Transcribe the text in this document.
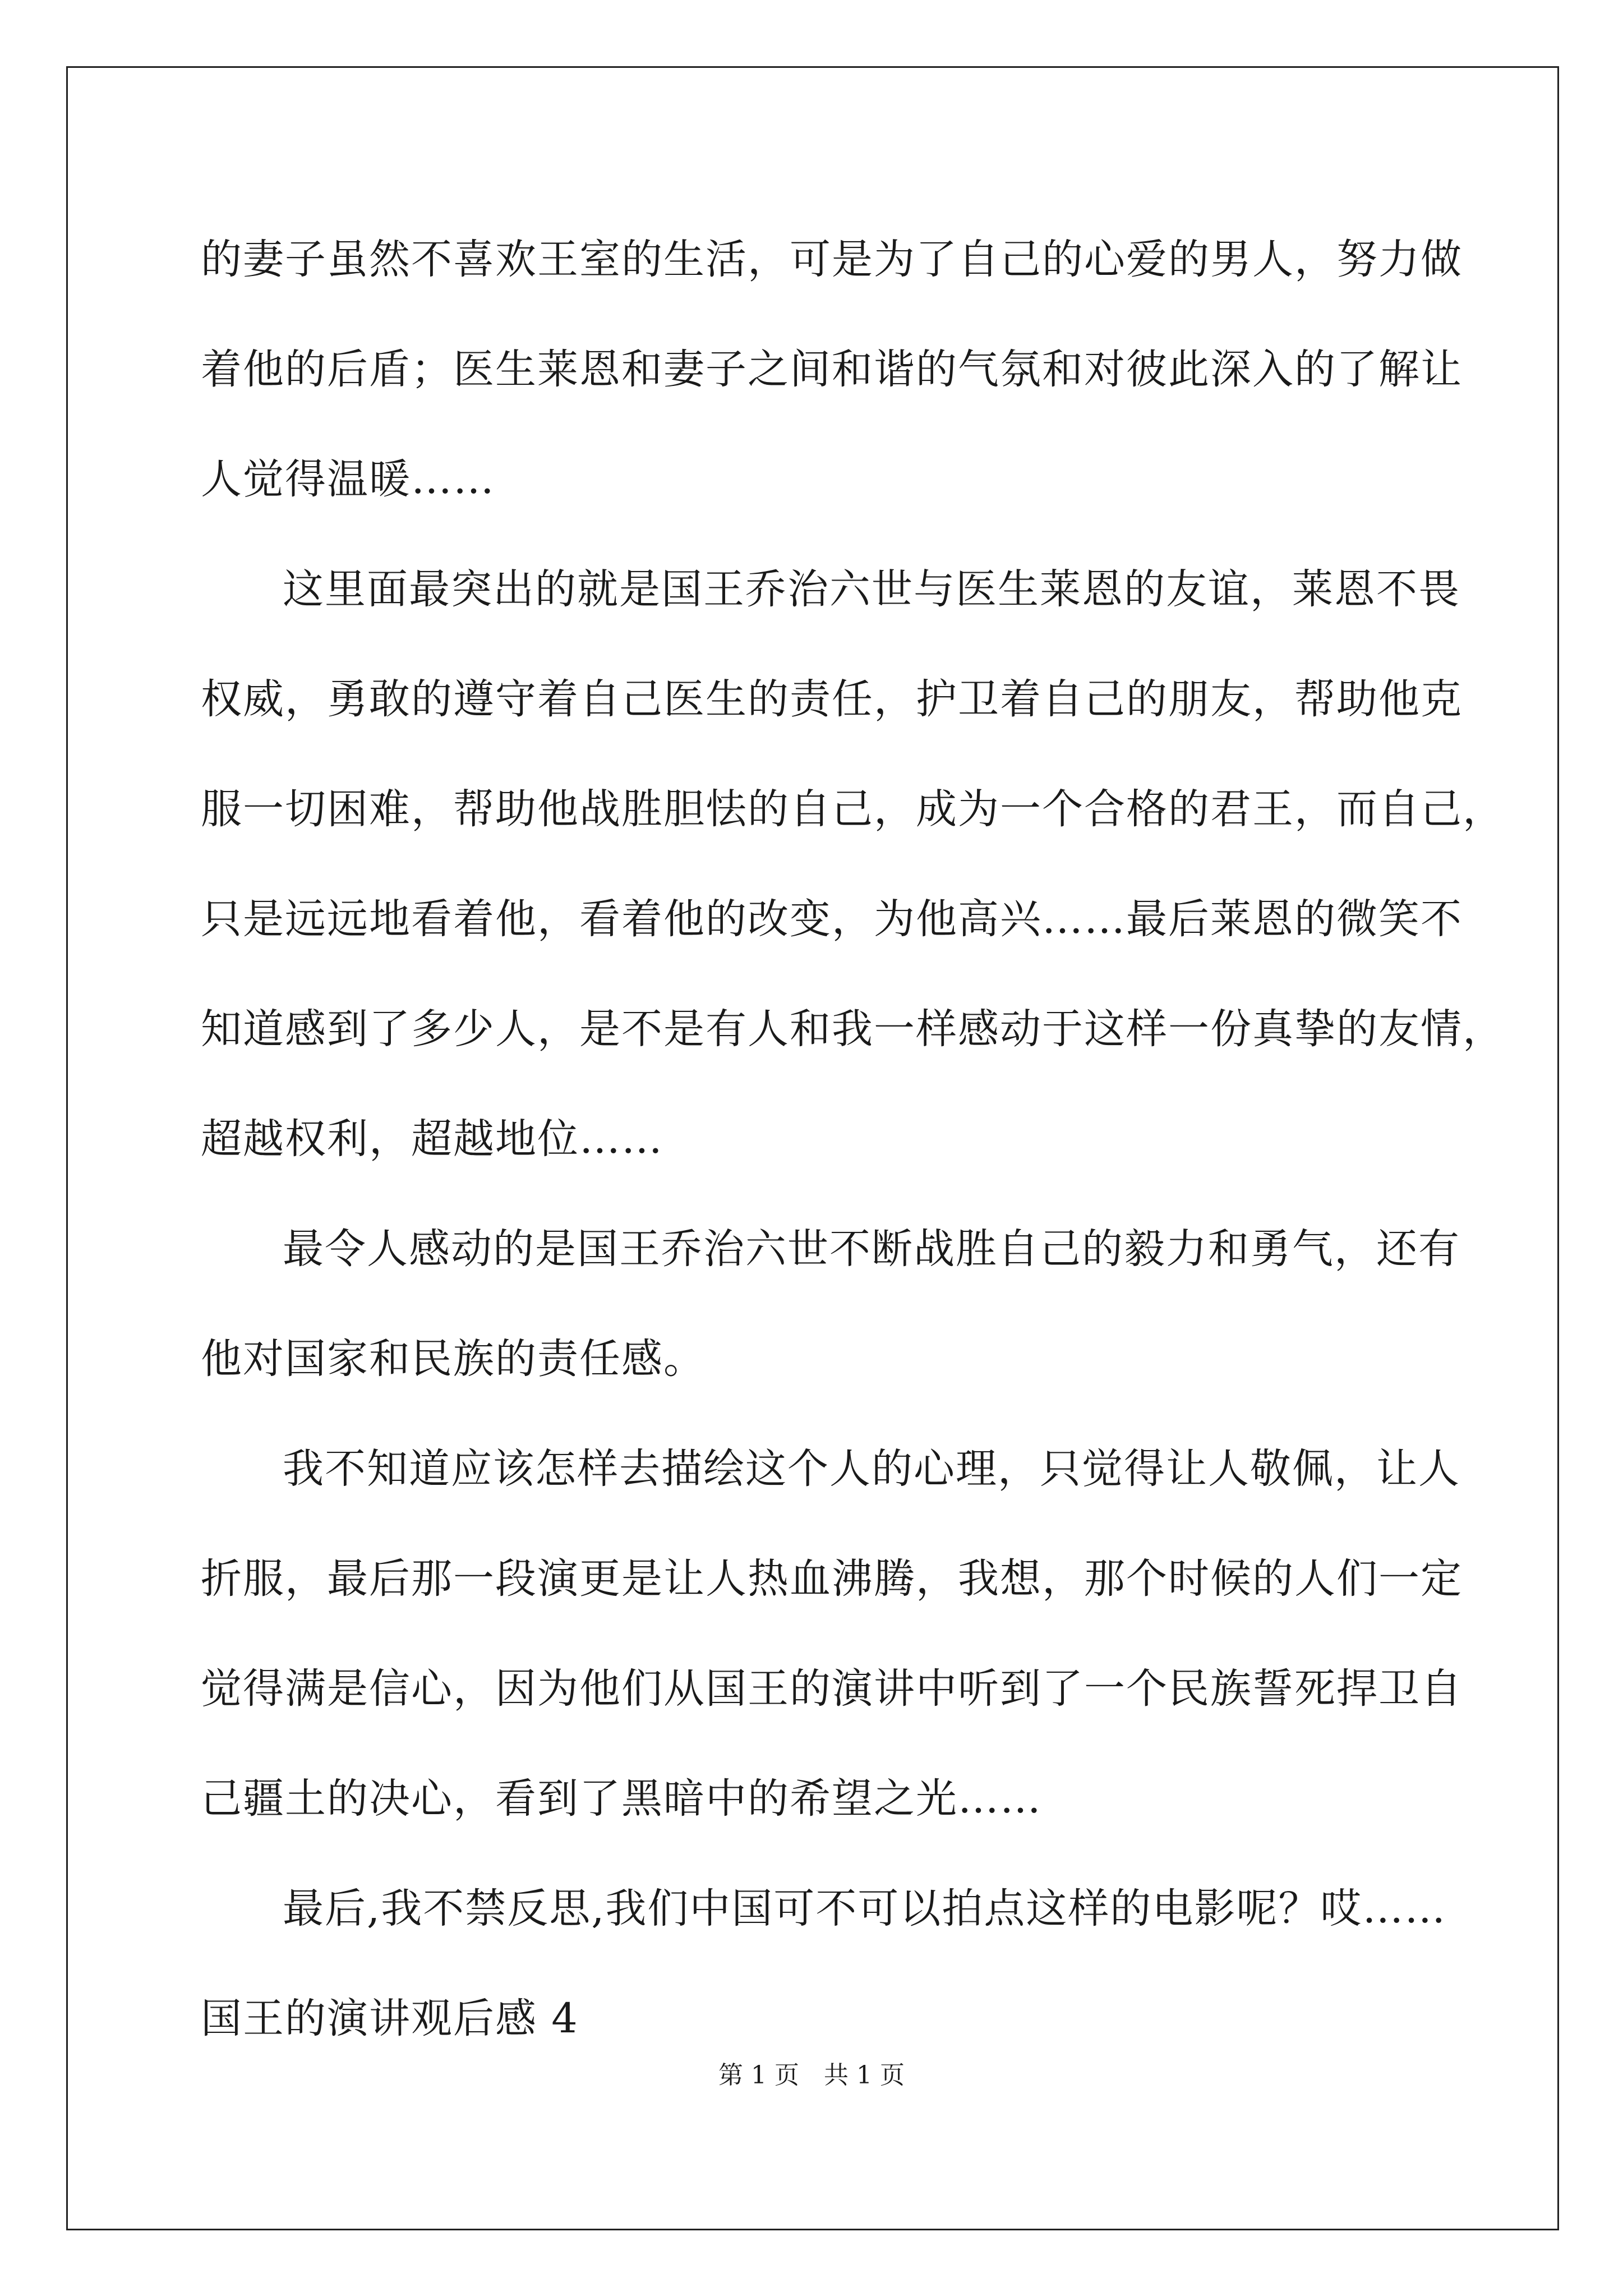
的妻子虽然不喜欢王室的生活，可是为了自己的心爱的男人，努力做
着他的后盾；医生莱恩和妻子之间和谐的气氛和对彼此深入的了解让
人觉得温暖……
这里面最突出的就是国王乔治六世与医生莱恩的友谊，莱恩不畏
权威，勇敢的遵守着自己医生的责任，护卫着自己的朋友，帮助他克
服一切困难，帮助他战胜胆怯的自己，成为一个合格的君王，而自己，
只是远远地看着他，看着他的改变，为他高兴……最后莱恩的微笑不
知道感到了多少人，是不是有人和我一样感动于这样一份真挚的友情，
超越权利，超越地位……
最令人感动的是国王乔治六世不断战胜自己的毅力和勇气，还有
他对国家和民族的责任感。
我不知道应该怎样去描绘这个人的心理，只觉得让人敬佩，让人
折服，最后那一段演更是让人热血沸腾，我想，那个时候的人们一定
觉得满是信心，因为他们从国王的演讲中听到了一个民族誓死捍卫自
己疆土的决心，看到了黑暗中的希望之光……
最后,我不禁反思,我们中国可不可以拍点这样的电影呢？哎……
国王的演讲观后感 4
第 1 页　共 1 页
